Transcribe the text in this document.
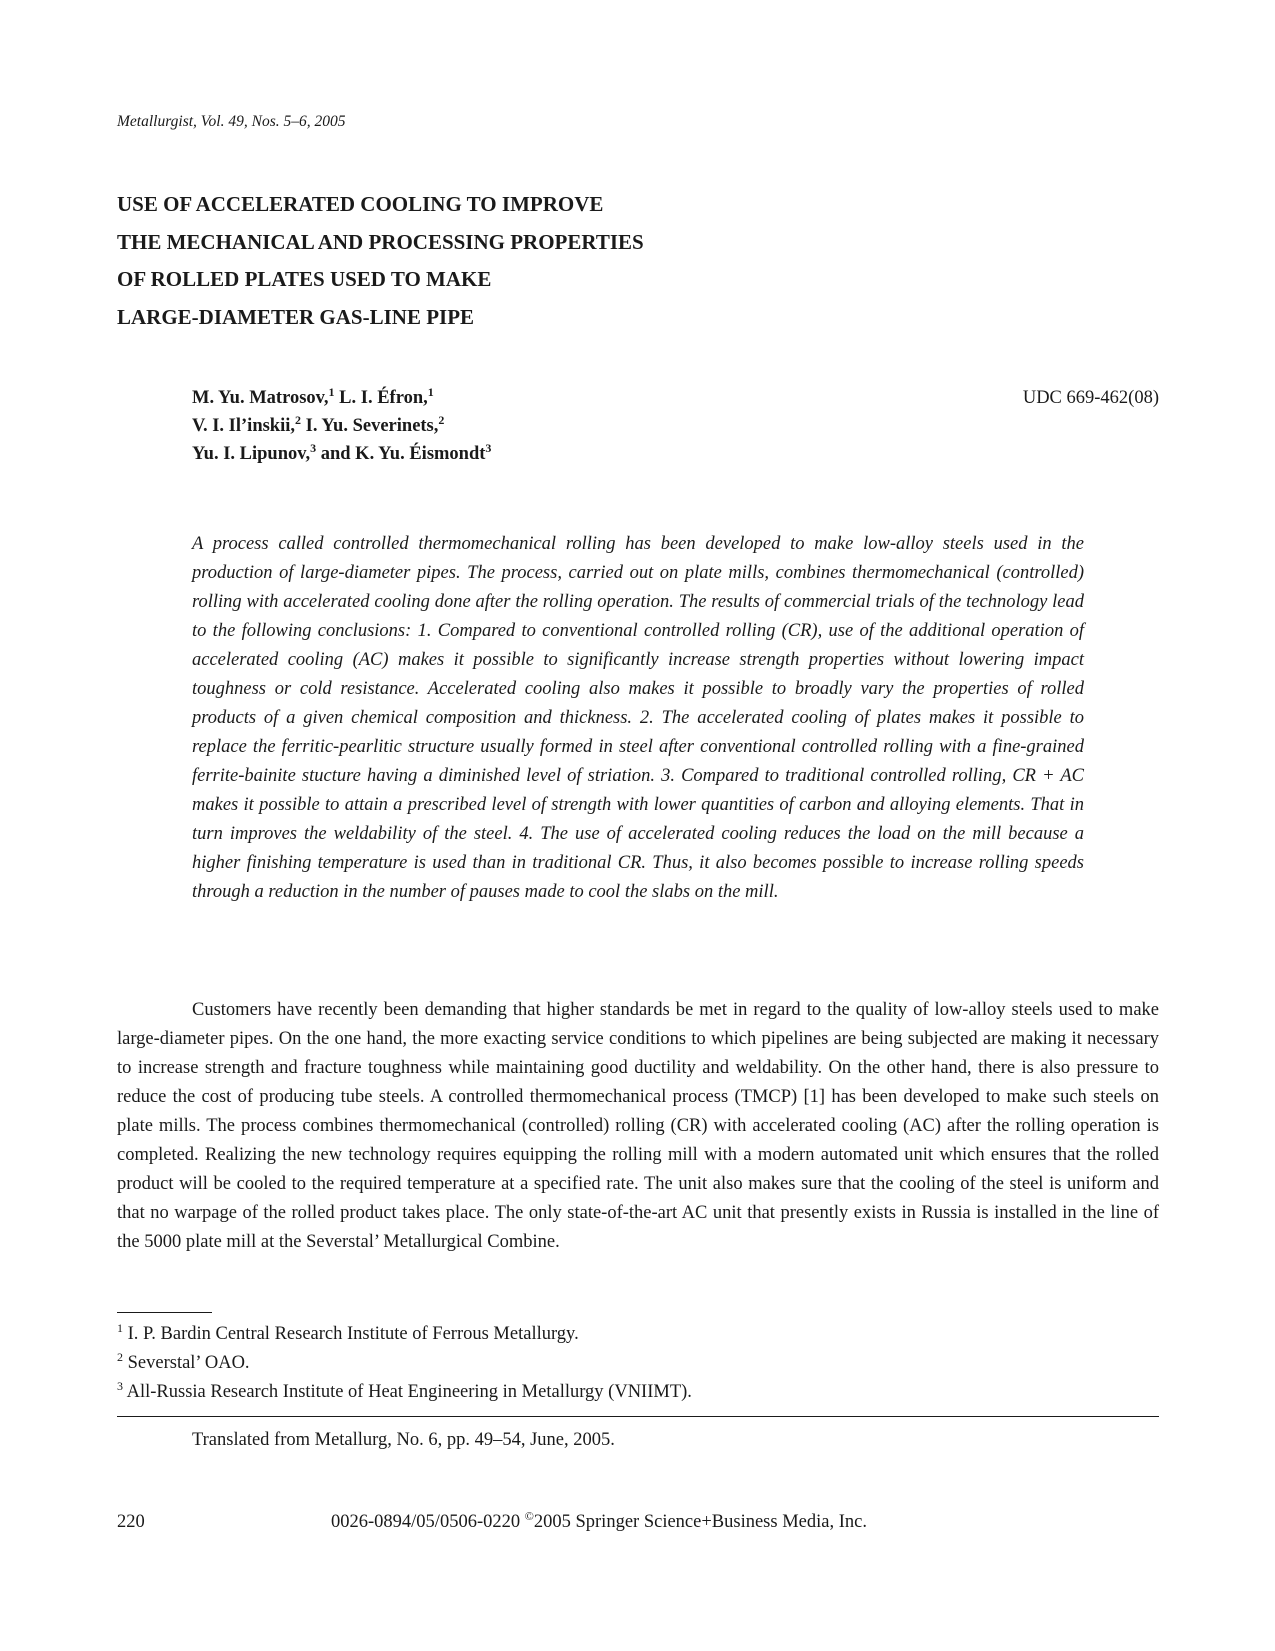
Metallurgist, Vol. 49, Nos. 5–6, 2005
USE OF ACCELERATED COOLING TO IMPROVE
THE MECHANICAL AND PROCESSING PROPERTIES
OF ROLLED PLATES USED TO MAKE
LARGE-DIAMETER GAS-LINE PIPE
M. Yu. Matrosov,$^1$ L. I. Éfron,$^1$
V. I. Il’inskii,$^2$ I. Yu. Severinets,$^2$
Yu. I. Lipunov,$^3$ and K. Yu. Éismondt$^3$
UDC 669-462(08)

A process called controlled thermomechanical rolling has been developed to make low-alloy steels used in the production of large-diameter pipes. The process, carried out on plate mills, combines thermomechanical (controlled) rolling with accelerated cooling done after the rolling operation. The results of commercial trials of the technology lead to the following conclusions: 1. Compared to conventional controlled rolling (CR), use of the additional operation of accelerated cooling (AC) makes it possible to significantly increase strength properties without lowering impact toughness or cold resistance. Accelerated cooling also makes it possible to broadly vary the properties of rolled products of a given chemical composition and thickness. 2. The accelerated cooling of plates makes it possible to replace the ferritic-pearlitic structure usually formed in steel after conventional controlled rolling with a fine-grained ferrite-bainite stucture having a diminished level of striation. 3. Compared to traditional controlled rolling, CR + AC makes it possible to attain a prescribed level of strength with lower quantities of carbon and alloying elements. That in turn improves the weldability of the steel. 4. The use of accelerated cooling reduces the load on the mill because a higher finishing temperature is used than in traditional CR. Thus, it also becomes possible to increase rolling speeds through a reduction in the number of pauses made to cool the slabs on the mill.

Customers have recently been demanding that higher standards be met in regard to the quality of low-alloy steels used to make large-diameter pipes. On the one hand, the more exacting service conditions to which pipelines are being subjected are making it necessary to increase strength and fracture toughness while maintaining good ductility and weldability. On the other hand, there is also pressure to reduce the cost of producing tube steels. A controlled thermomechanical process (TMCP) [1] has been developed to make such steels on plate mills. The process combines thermomechanical (controlled) rolling (CR) with accelerated cooling (AC) after the rolling operation is completed. Realizing the new technology requires equipping the rolling mill with a modern automated unit which ensures that the rolled product will be cooled to the required temperature at a specified rate. The unit also makes sure that the cooling of the steel is uniform and that no warpage of the rolled product takes place. The only state-of-the-art AC unit that presently exists in Russia is installed in the line of the 5000 plate mill at the Severstal’ Metallurgical Combine.

$^1$ I. P. Bardin Central Research Institute of Ferrous Metallurgy.
$^2$ Severstal’ OAO.
$^3$ All-Russia Research Institute of Heat Engineering in Metallurgy (VNIIMT).
Translated from Metallurg, No. 6, pp. 49–54, June, 2005.
220	0026-0894/05/0506-0220 ©2005 Springer Science+Business Media, Inc.
